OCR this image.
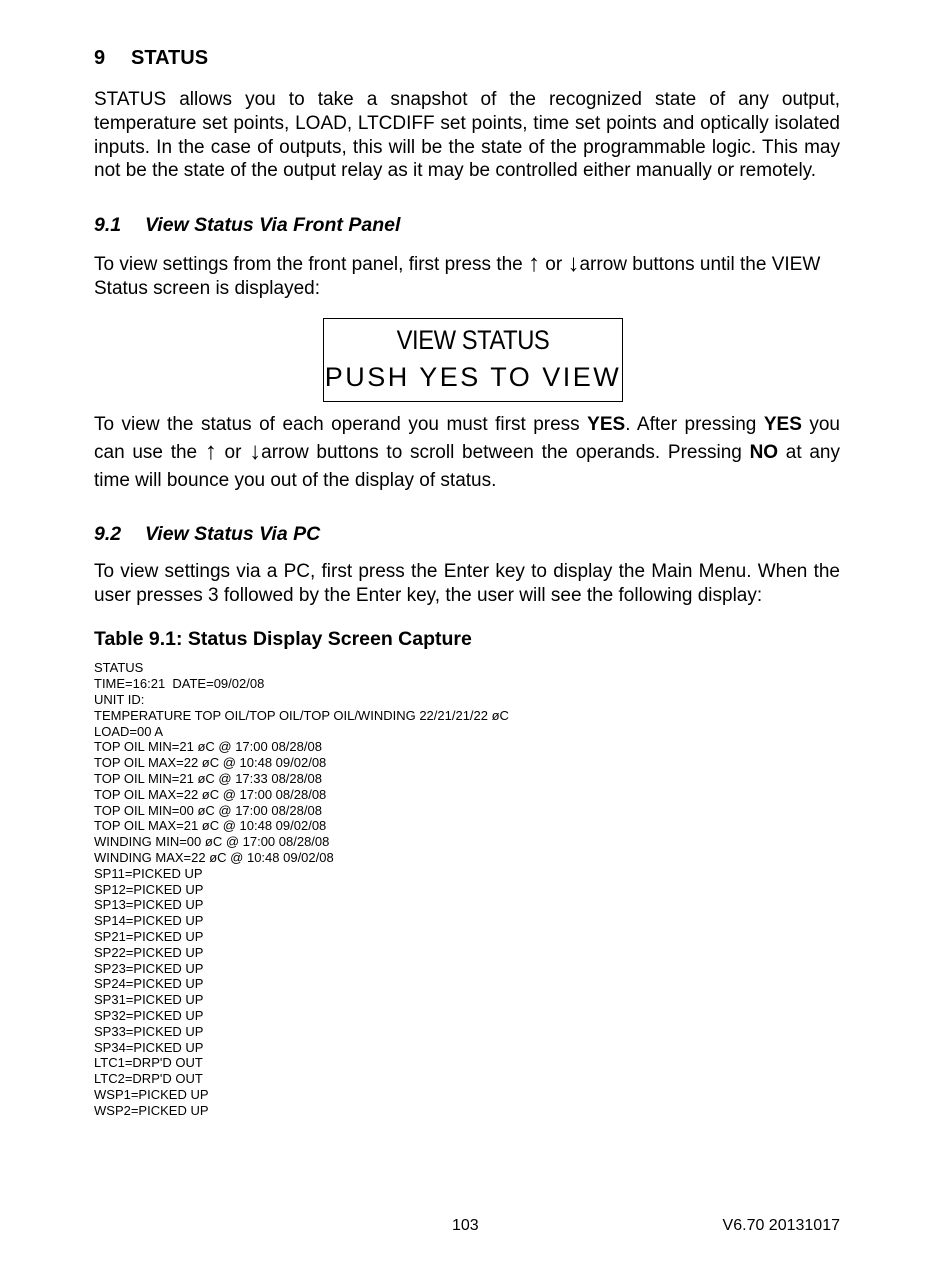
9 STATUS

STATUS allows you to take a snapshot of the recognized state of any output, temperature set points, LOAD, LTCDIFF set points, time set points and optically isolated inputs. In the case of outputs, this will be the state of the programmable logic. This may not be the state of the output relay as it may be controlled either manually or remotely.

9.1 View Status Via Front Panel

To view settings from the front panel, first press the ↑ or ↓arrow buttons until the VIEW Status screen is displayed:

VIEW STATUS
PUSH YES TO VIEW

To view the status of each operand you must first press YES. After pressing YES you can use the ↑ or ↓arrow buttons to scroll between the operands. Pressing NO at any time will bounce you out of the display of status.

9.2 View Status Via PC

To view settings via a PC, first press the Enter key to display the Main Menu. When the user presses 3 followed by the Enter key, the user will see the following display:

Table 9.1: Status Display Screen Capture
STATUS
TIME=16:21  DATE=09/02/08
UNIT ID:
TEMPERATURE TOP OIL/TOP OIL/TOP OIL/WINDING 22/21/21/22 øC
LOAD=00 A
TOP OIL MIN=21 øC @ 17:00 08/28/08
TOP OIL MAX=22 øC @ 10:48 09/02/08
TOP OIL MIN=21 øC @ 17:33 08/28/08
TOP OIL MAX=22 øC @ 17:00 08/28/08
TOP OIL MIN=00 øC @ 17:00 08/28/08
TOP OIL MAX=21 øC @ 10:48 09/02/08
WINDING MIN=00 øC @ 17:00 08/28/08
WINDING MAX=22 øC @ 10:48 09/02/08
SP11=PICKED UP
SP12=PICKED UP
SP13=PICKED UP
SP14=PICKED UP
SP21=PICKED UP
SP22=PICKED UP
SP23=PICKED UP
SP24=PICKED UP
SP31=PICKED UP
SP32=PICKED UP
SP33=PICKED UP
SP34=PICKED UP
LTC1=DRP'D OUT
LTC2=DRP'D OUT
WSP1=PICKED UP
WSP2=PICKED UP
103	V6.70 20131017
